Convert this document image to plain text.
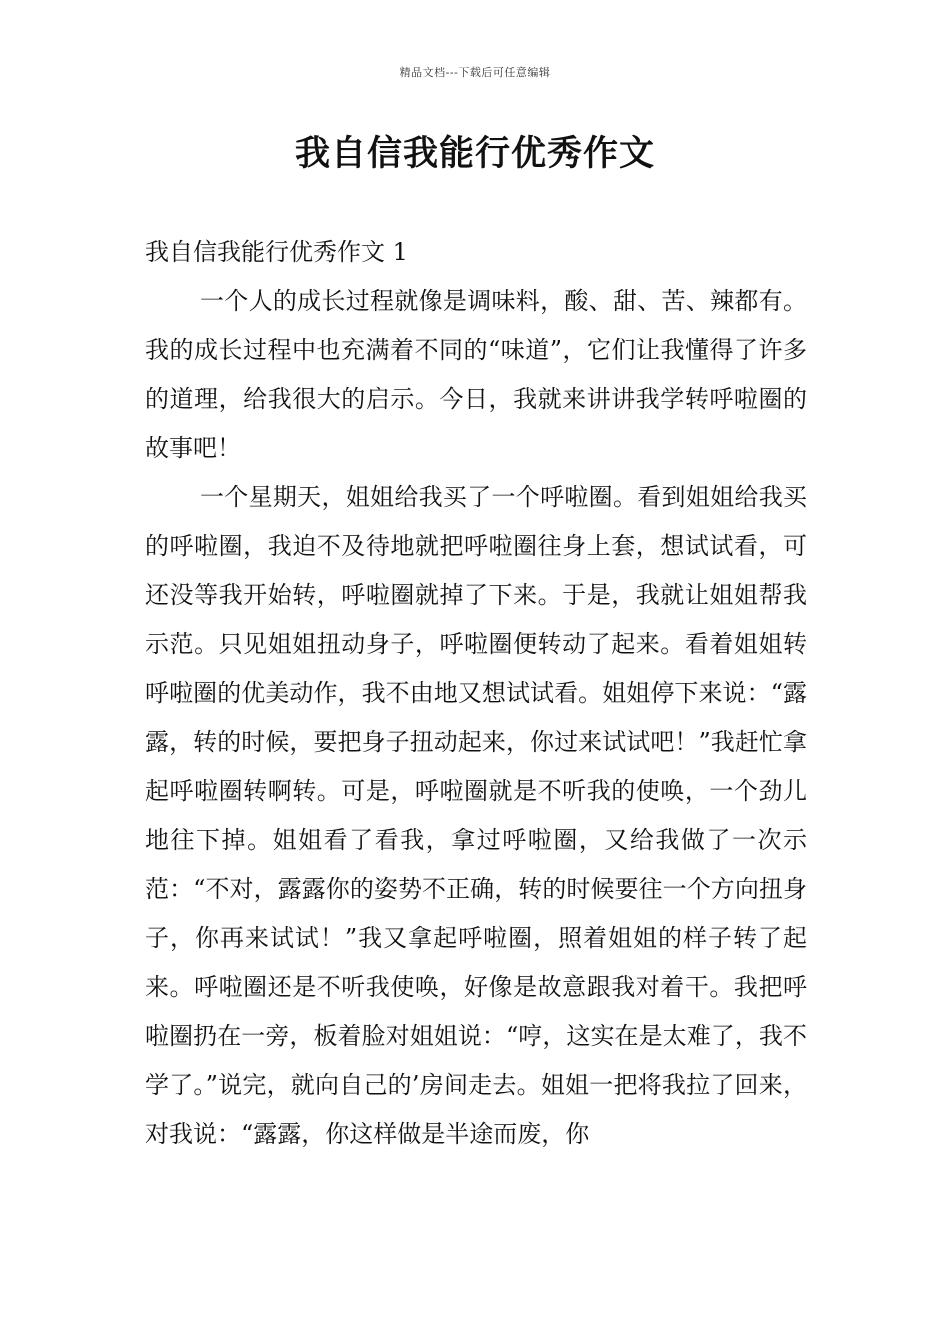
精品文档---下载后可任意编辑
我自信我能行优秀作文

我自信我能行优秀作文 1

一个人的成长过程就像是调味料，酸、甜、苦、辣都有。我的成长过程中也充满着不同的“味道”，它们让我懂得了许多的道理，给我很大的启示。今日，我就来讲讲我学转呼啦圈的故事吧！

一个星期天，姐姐给我买了一个呼啦圈。看到姐姐给我买的呼啦圈，我迫不及待地就把呼啦圈往身上套，想试试看，可还没等我开始转，呼啦圈就掉了下来。于是，我就让姐姐帮我示范。只见姐姐扭动身子，呼啦圈便转动了起来。看着姐姐转呼啦圈的优美动作，我不由地又想试试看。姐姐停下来说：“露露，转的时候，要把身子扭动起来，你过来试试吧！”我赶忙拿起呼啦圈转啊转。可是，呼啦圈就是不听我的使唤，一个劲儿地往下掉。姐姐看了看我，拿过呼啦圈，又给我做了一次示范：“不对，露露你的姿势不正确，转的时候要往一个方向扭身子，你再来试试！”我又拿起呼啦圈，照着姐姐的样子转了起来。呼啦圈还是不听我使唤，好像是故意跟我对着干。我把呼啦圈扔在一旁，板着脸对姐姐说：“哼，这实在是太难了，我不学了。”说完，就向自己的’房间走去。姐姐一把将我拉了回来，对我说：“露露，你这样做是半途而废，你
